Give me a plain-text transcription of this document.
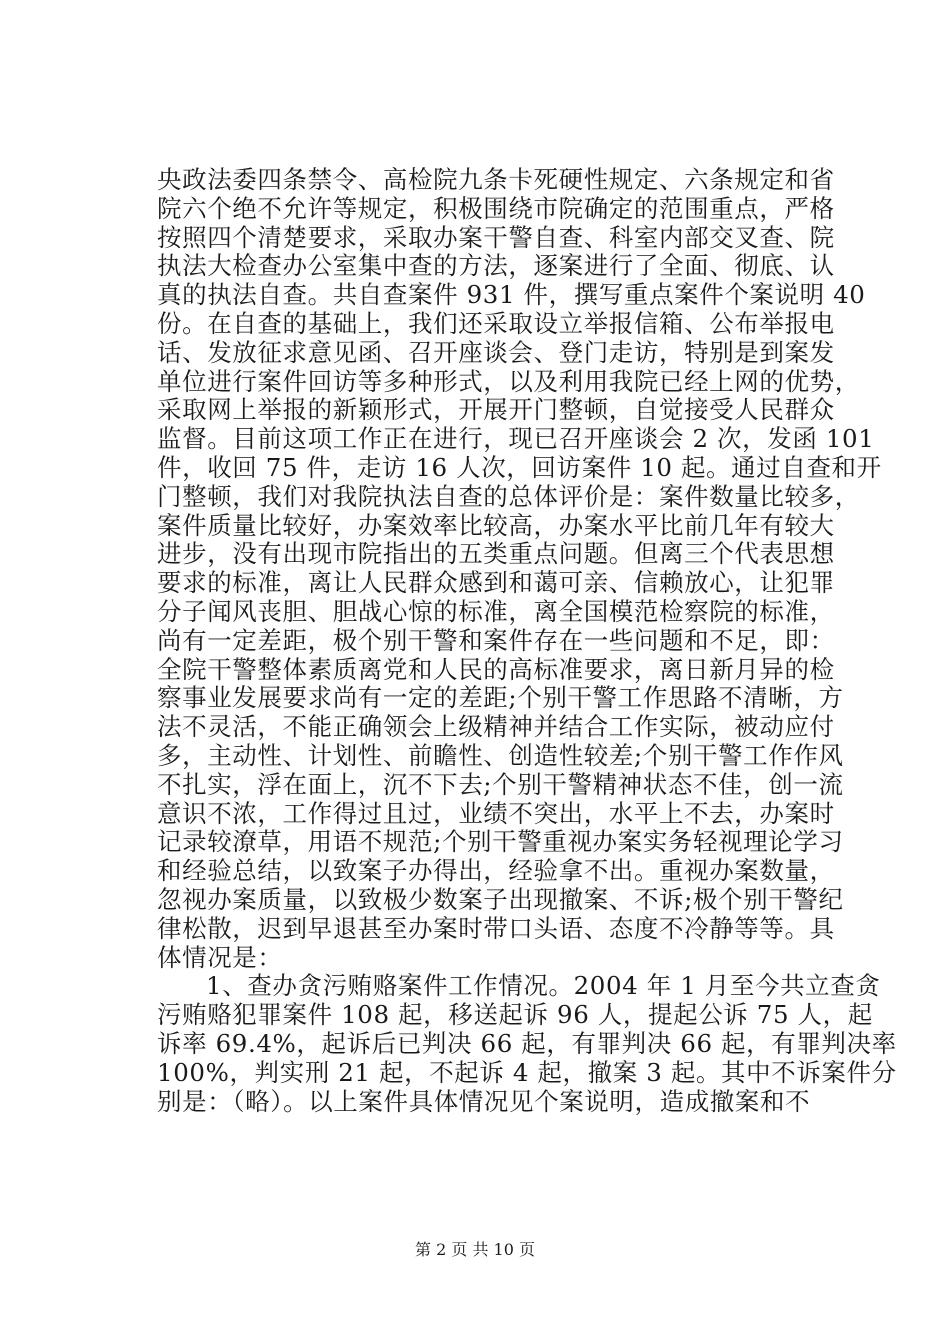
央政法委四条禁令、高检院九条卡死硬性规定、六条规定和省
院六个绝不允许等规定，积极围绕市院确定的范围重点，严格
按照四个清楚要求，采取办案干警自查、科室内部交叉查、院
执法大检查办公室集中查的方法，逐案进行了全面、彻底、认
真的执法自查。共自查案件 931 件，撰写重点案件个案说明 40
份。在自查的基础上，我们还采取设立举报信箱、公布举报电
话、发放征求意见函、召开座谈会、登门走访，特别是到案发
单位进行案件回访等多种形式，以及利用我院已经上网的优势，
采取网上举报的新颖形式，开展开门整顿，自觉接受人民群众
监督。目前这项工作正在进行，现已召开座谈会 2 次，发函 101
件，收回 75 件，走访 16 人次，回访案件 10 起。通过自查和开
门整顿，我们对我院执法自查的总体评价是：案件数量比较多，
案件质量比较好，办案效率比较高，办案水平比前几年有较大
进步，没有出现市院指出的五类重点问题。但离三个代表思想
要求的标准，离让人民群众感到和蔼可亲、信赖放心，让犯罪
分子闻风丧胆、胆战心惊的标准，离全国模范检察院的标准，
尚有一定差距，极个别干警和案件存在一些问题和不足，即：
全院干警整体素质离党和人民的高标准要求，离日新月异的检
察事业发展要求尚有一定的差距;个别干警工作思路不清晰，方
法不灵活，不能正确领会上级精神并结合工作实际，被动应付
多，主动性、计划性、前瞻性、创造性较差;个别干警工作作风
不扎实，浮在面上，沉不下去;个别干警精神状态不佳，创一流
意识不浓，工作得过且过，业绩不突出，水平上不去，办案时
记录较潦草，用语不规范;个别干警重视办案实务轻视理论学习
和经验总结，以致案子办得出，经验拿不出。重视办案数量，
忽视办案质量，以致极少数案子出现撤案、不诉;极个别干警纪
律松散，迟到早退甚至办案时带口头语、态度不冷静等等。具
体情况是：
1、查办贪污贿赂案件工作情况。2004 年 1 月至今共立查贪
污贿赂犯罪案件 108 起，移送起诉 96 人，提起公诉 75 人，起
诉率 69.4%，起诉后已判决 66 起，有罪判决 66 起，有罪判决率
100%，判实刑 21 起，不起诉 4 起，撤案 3 起。其中不诉案件分
别是：（略）。以上案件具体情况见个案说明，造成撤案和不
第 2 页 共 10 页
